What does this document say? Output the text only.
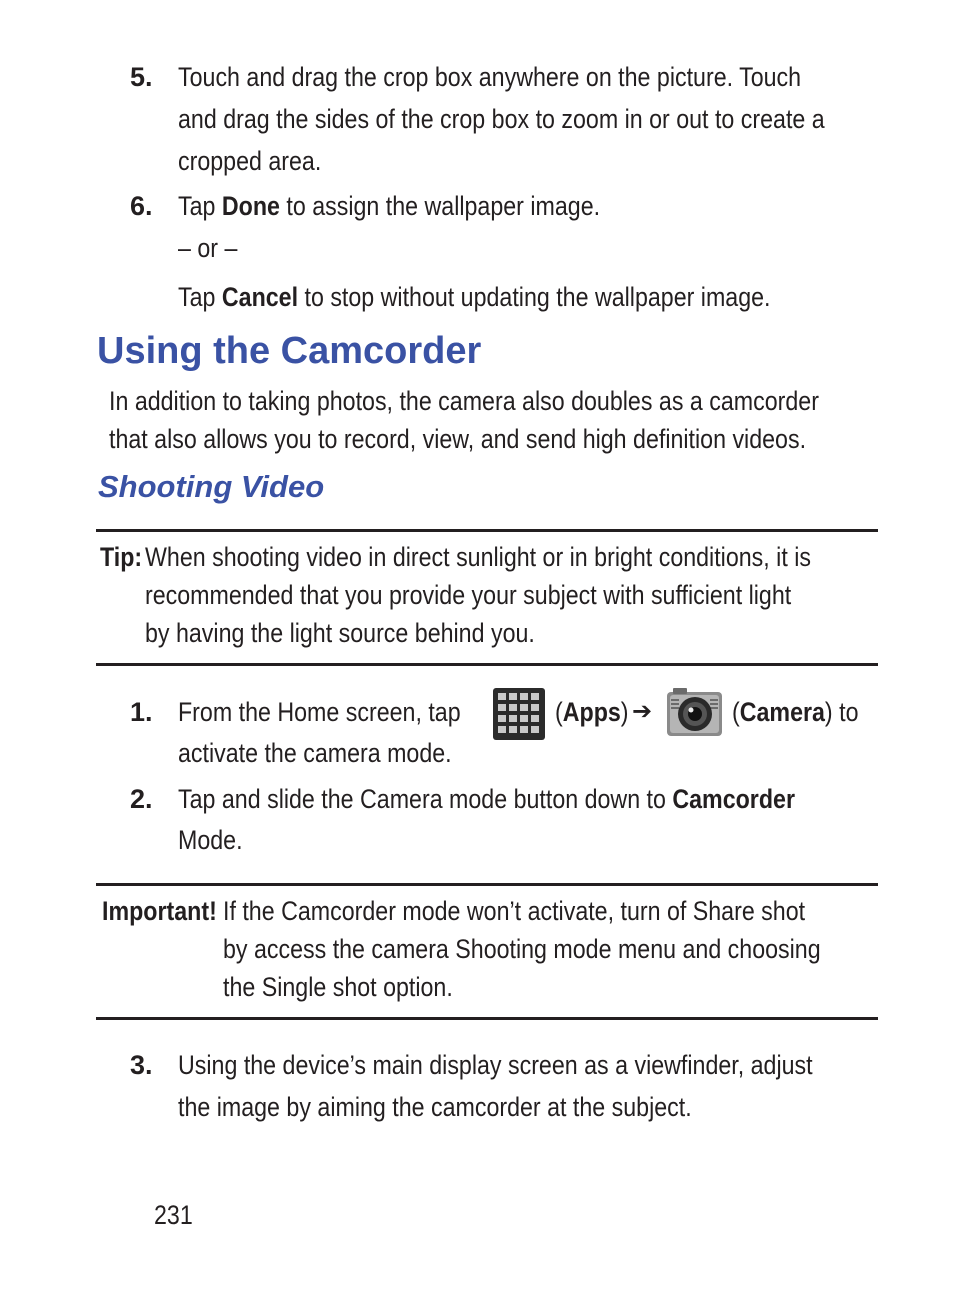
5. Touch and drag the crop box anywhere on the picture. Touch
and drag the sides of the crop box to zoom in or out to create a
cropped area.
6. Tap Done to assign the wallpaper image.
– or –
Tap Cancel to stop without updating the wallpaper image.
Using the Camcorder
In addition to taking photos, the camera also doubles as a camcorder
that also allows you to record, view, and send high definition videos.
Shooting Video
Tip: When shooting video in direct sunlight or in bright conditions, it is
recommended that you provide your subject with sufficient light
by having the light source behind you.
1. From the Home screen, tap	(Apps) ➔	(Camera) to
activate the camera mode.
2. Tap and slide the Camera mode button down to Camcorder
Mode.
Important! If the Camcorder mode won’t activate, turn of Share shot
by access the camera Shooting mode menu and choosing
the Single shot option.
3. Using the device’s main display screen as a viewfinder, adjust
the image by aiming the camcorder at the subject.
231
